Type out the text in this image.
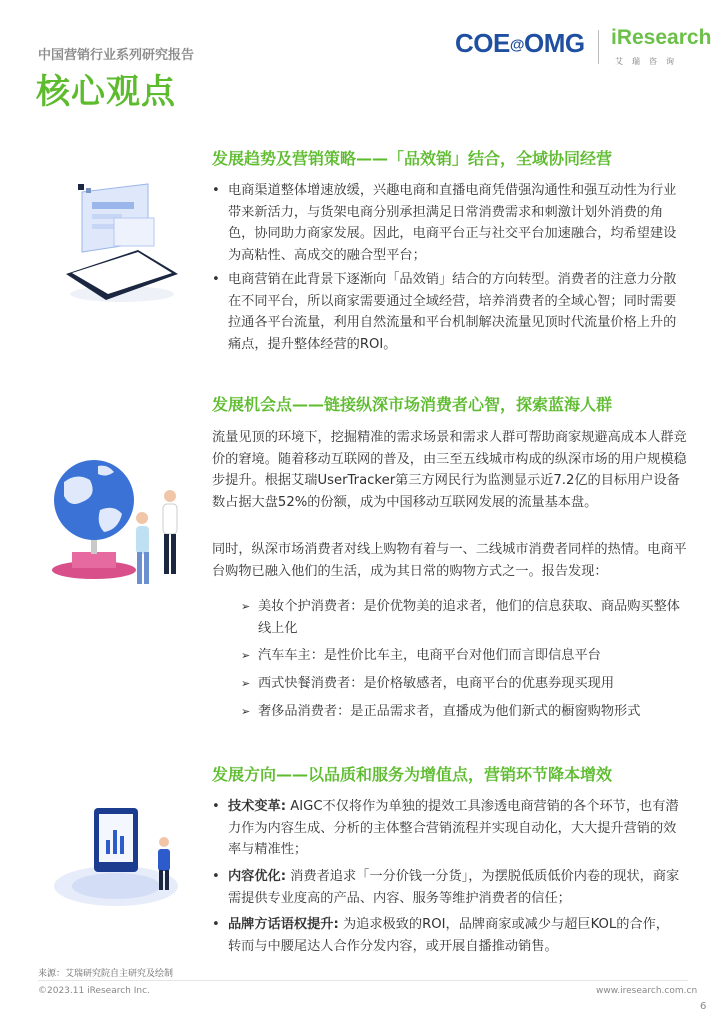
中国营销行业系列研究报告
核心观点
COE@OMG iResearch
艾瑞咨询
发展趋势及营销策略——「品效销」结合，全域协同经营
• 电商渠道整体增速放缓，兴趣电商和直播电商凭借强沟通性和强互动性为行业带来新活力，与货架电商分别承担满足日常消费需求和刺激计划外消费的角色，协同助力商家发展。因此，电商平台正与社交平台加速融合，均希望建设为高粘性、高成交的融合型平台；
• 电商营销在此背景下逐渐向「品效销」结合的方向转型。消费者的注意力分散在不同平台，所以商家需要通过全域经营，培养消费者的全域心智；同时需要拉通各平台流量，利用自然流量和平台机制解决流量见顶时代流量价格上升的痛点，提升整体经营的ROI。
发展机会点——链接纵深市场消费者心智，探索蓝海人群
流量见顶的环境下，挖掘精准的需求场景和需求人群可帮助商家规避高成本人群竞价的窘境。随着移动互联网的普及，由三至五线城市构成的纵深市场的用户规模稳步提升。根据艾瑞UserTracker第三方网民行为监测显示近7.2亿的目标用户设备数占据大盘52%的份额，成为中国移动互联网发展的流量基本盘。
同时，纵深市场消费者对线上购物有着与一、二线城市消费者同样的热情。电商平台购物已融入他们的生活，成为其日常的购物方式之一。报告发现：
➢ 美妆个护消费者：是价优物美的追求者，他们的信息获取、商品购买整体线上化
➢ 汽车车主：是性价比车主，电商平台对他们而言即信息平台
➢ 西式快餐消费者：是价格敏感者，电商平台的优惠券现买现用
➢ 奢侈品消费者：是正品需求者，直播成为他们新式的橱窗购物形式
发展方向——以品质和服务为增值点，营销环节降本增效
• 技术变革: AIGC不仅将作为单独的提效工具渗透电商营销的各个环节，也有潜力作为内容生成、分析的主体整合营销流程并实现自动化，大大提升营销的效率与精准性；
• 内容优化: 消费者追求「一分价钱一分货」，为摆脱低质低价内卷的现状，商家需提供专业度高的产品、内容、服务等维护消费者的信任；
• 品牌方话语权提升: 为追求极致的ROI，品牌商家或减少与超巨KOL的合作，转而与中腰尾达人合作分发内容，或开展自播推动销售。
来源：艾瑞研究院自主研究及绘制
©2023.11 iResearch Inc.	www.iresearch.com.cn
6
